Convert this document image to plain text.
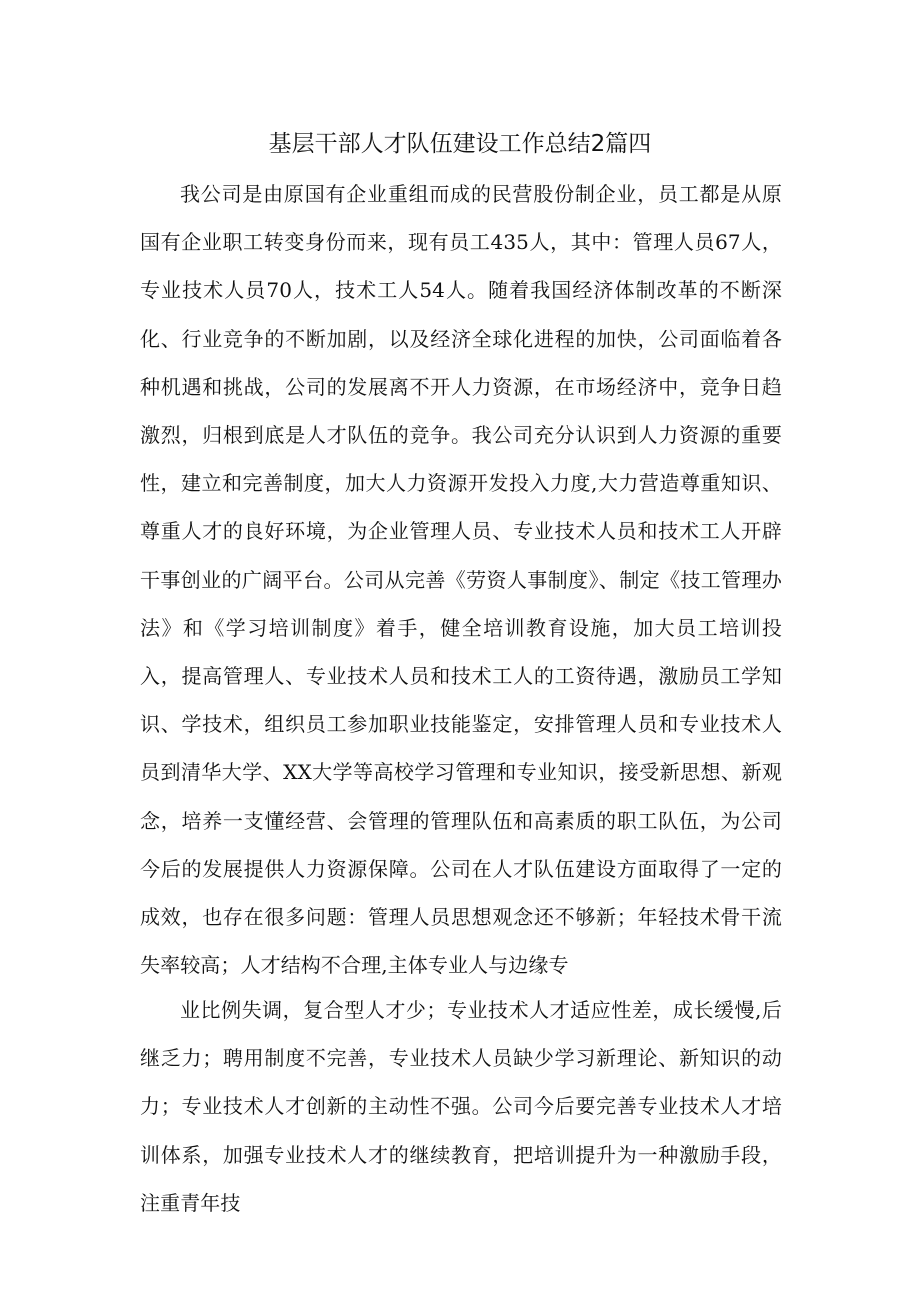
基层干部人才队伍建设工作总结2篇四

我公司是由原国有企业重组而成的民营股份制企业，员工都是从原国有企业职工转变身份而来，现有员工435人，其中：管理人员67人，专业技术人员70人，技术工人54人。随着我国经济体制改革的不断深化、行业竞争的不断加剧，以及经济全球化进程的加快，公司面临着各种机遇和挑战，公司的发展离不开人力资源，在市场经济中，竞争日趋激烈，归根到底是人才队伍的竞争。我公司充分认识到人力资源的重要性，建立和完善制度，加大人力资源开发投入力度,大力营造尊重知识、尊重人才的良好环境，为企业管理人员、专业技术人员和技术工人开辟干事创业的广阔平台。公司从完善《劳资人事制度》、制定《技工管理办法》和《学习培训制度》着手，健全培训教育设施，加大员工培训投入，提高管理人、专业技术人员和技术工人的工资待遇，激励员工学知识、学技术，组织员工参加职业技能鉴定，安排管理人员和专业技术人员到清华大学、XX大学等高校学习管理和专业知识，接受新思想、新观念，培养一支懂经营、会管理的管理队伍和高素质的职工队伍，为公司今后的发展提供人力资源保障。公司在人才队伍建设方面取得了一定的成效，也存在很多问题：管理人员思想观念还不够新；年轻技术骨干流失率较高；人才结构不合理,主体专业人与边缘专

业比例失调，复合型人才少；专业技术人才适应性差，成长缓慢,后继乏力；聘用制度不完善，专业技术人员缺少学习新理论、新知识的动力；专业技术人才创新的主动性不强。公司今后要完善专业技术人才培训体系，加强专业技术人才的继续教育，把培训提升为一种激励手段，注重青年技
